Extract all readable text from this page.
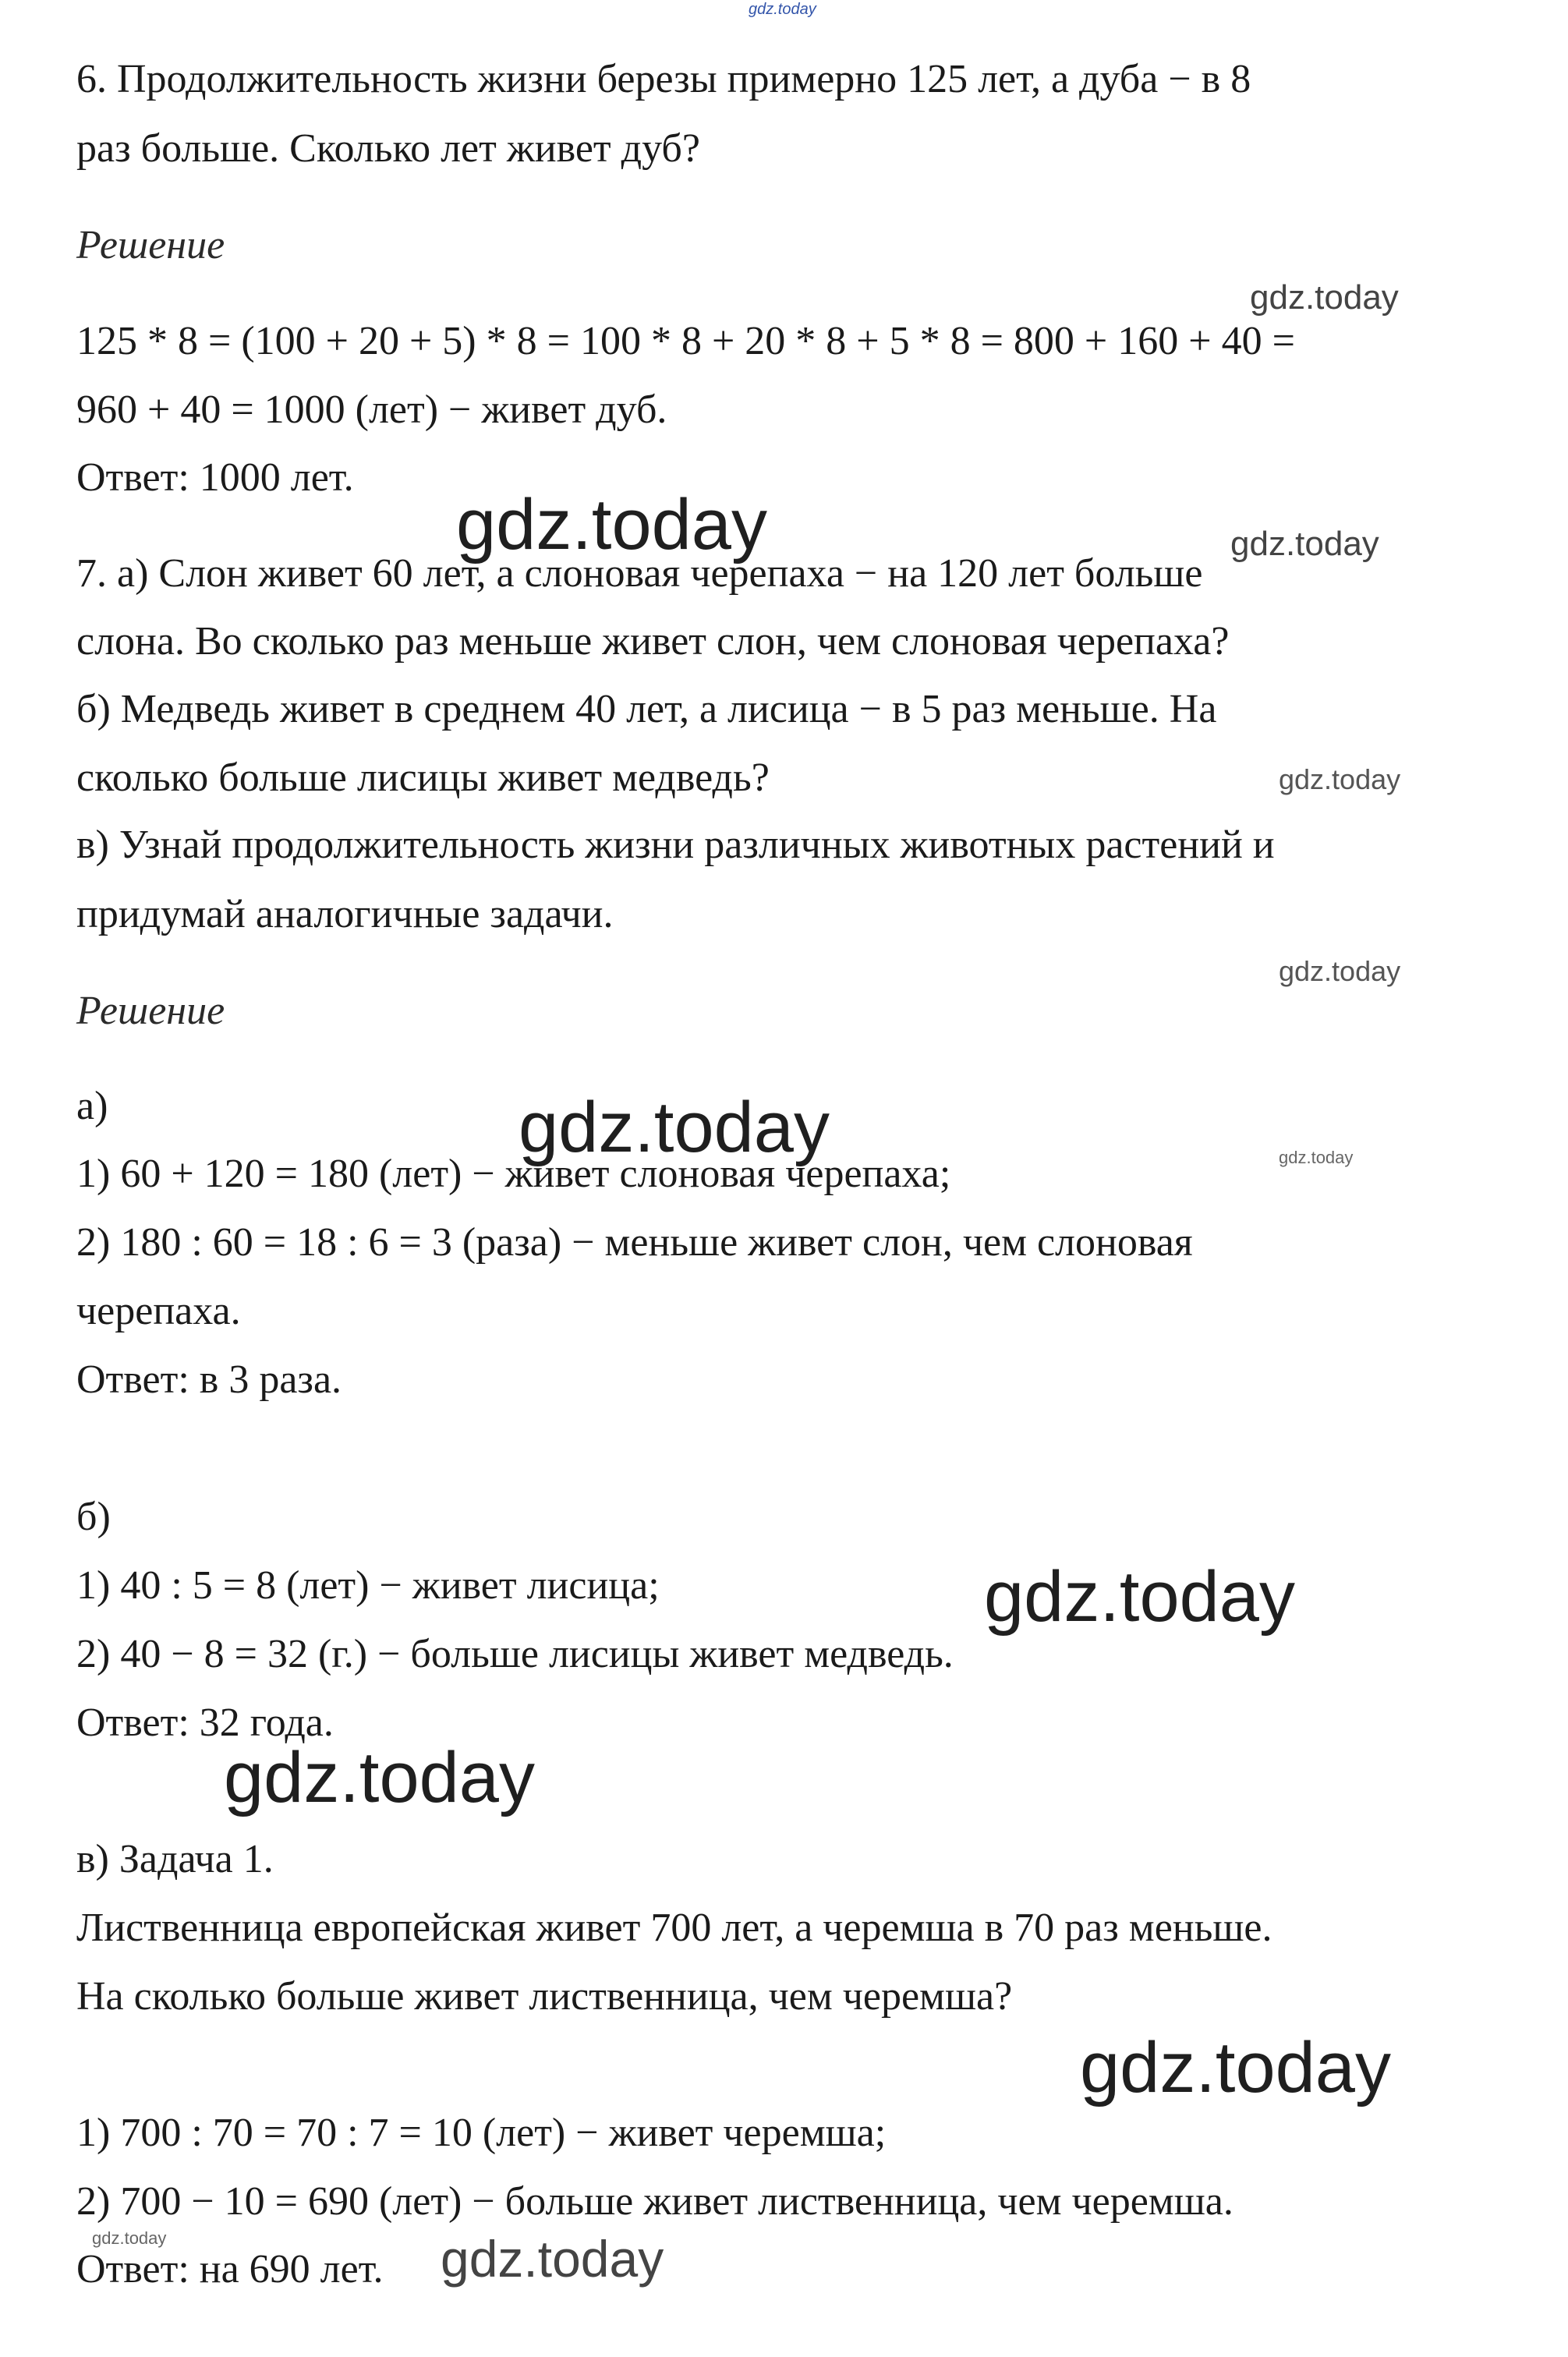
6. Продолжительность жизни березы примерно 125 лет, а дуба − в 8

раз больше. Сколько лет живет дуб?

Решение

125 * 8 = (100 + 20 + 5) * 8 = 100 * 8 + 20 * 8 + 5 * 8 = 800 + 160 + 40 =

960 + 40 = 1000 (лет) − живет дуб.

Ответ: 1000 лет.

7. а) Слон живет 60 лет, а слоновая черепаха − на 120 лет больше

слона. Во сколько раз меньше живет слон, чем слоновая черепаха?

б) Медведь живет в среднем 40 лет, а лисица − в 5 раз меньше. На

сколько больше лисицы живет медведь?

в) Узнай продолжительность жизни различных животных растений и

придумай аналогичные задачи.

Решение

а)

1) 60 + 120 = 180 (лет) − живет слоновая черепаха;

2) 180 : 60 = 18 : 6 = 3 (раза) − меньше живет слон, чем слоновая

черепаха.

Ответ: в 3 раза.

б)

1) 40 : 5 = 8 (лет) − живет лисица;

2) 40 − 8 = 32 (г.) − больше лисицы живет медведь.

Ответ: 32 года.

в) Задача 1.

Лиственница европейская живет 700 лет, а черемша в 70 раз меньше.

На сколько больше живет лиственница, чем черемша?

1) 700 : 70 = 70 : 7 = 10 (лет) − живет черемша;

2) 700 − 10 = 690 (лет) − больше живет лиственница, чем черемша.

Ответ: на 690 лет.

gdz.today
gdz.today
gdz.today	gdz.today
gdz.today
gdz.today
gdz.today	gdz.today
gdz.today
gdz.today
gdz.today
gdz.today	gdz.today
